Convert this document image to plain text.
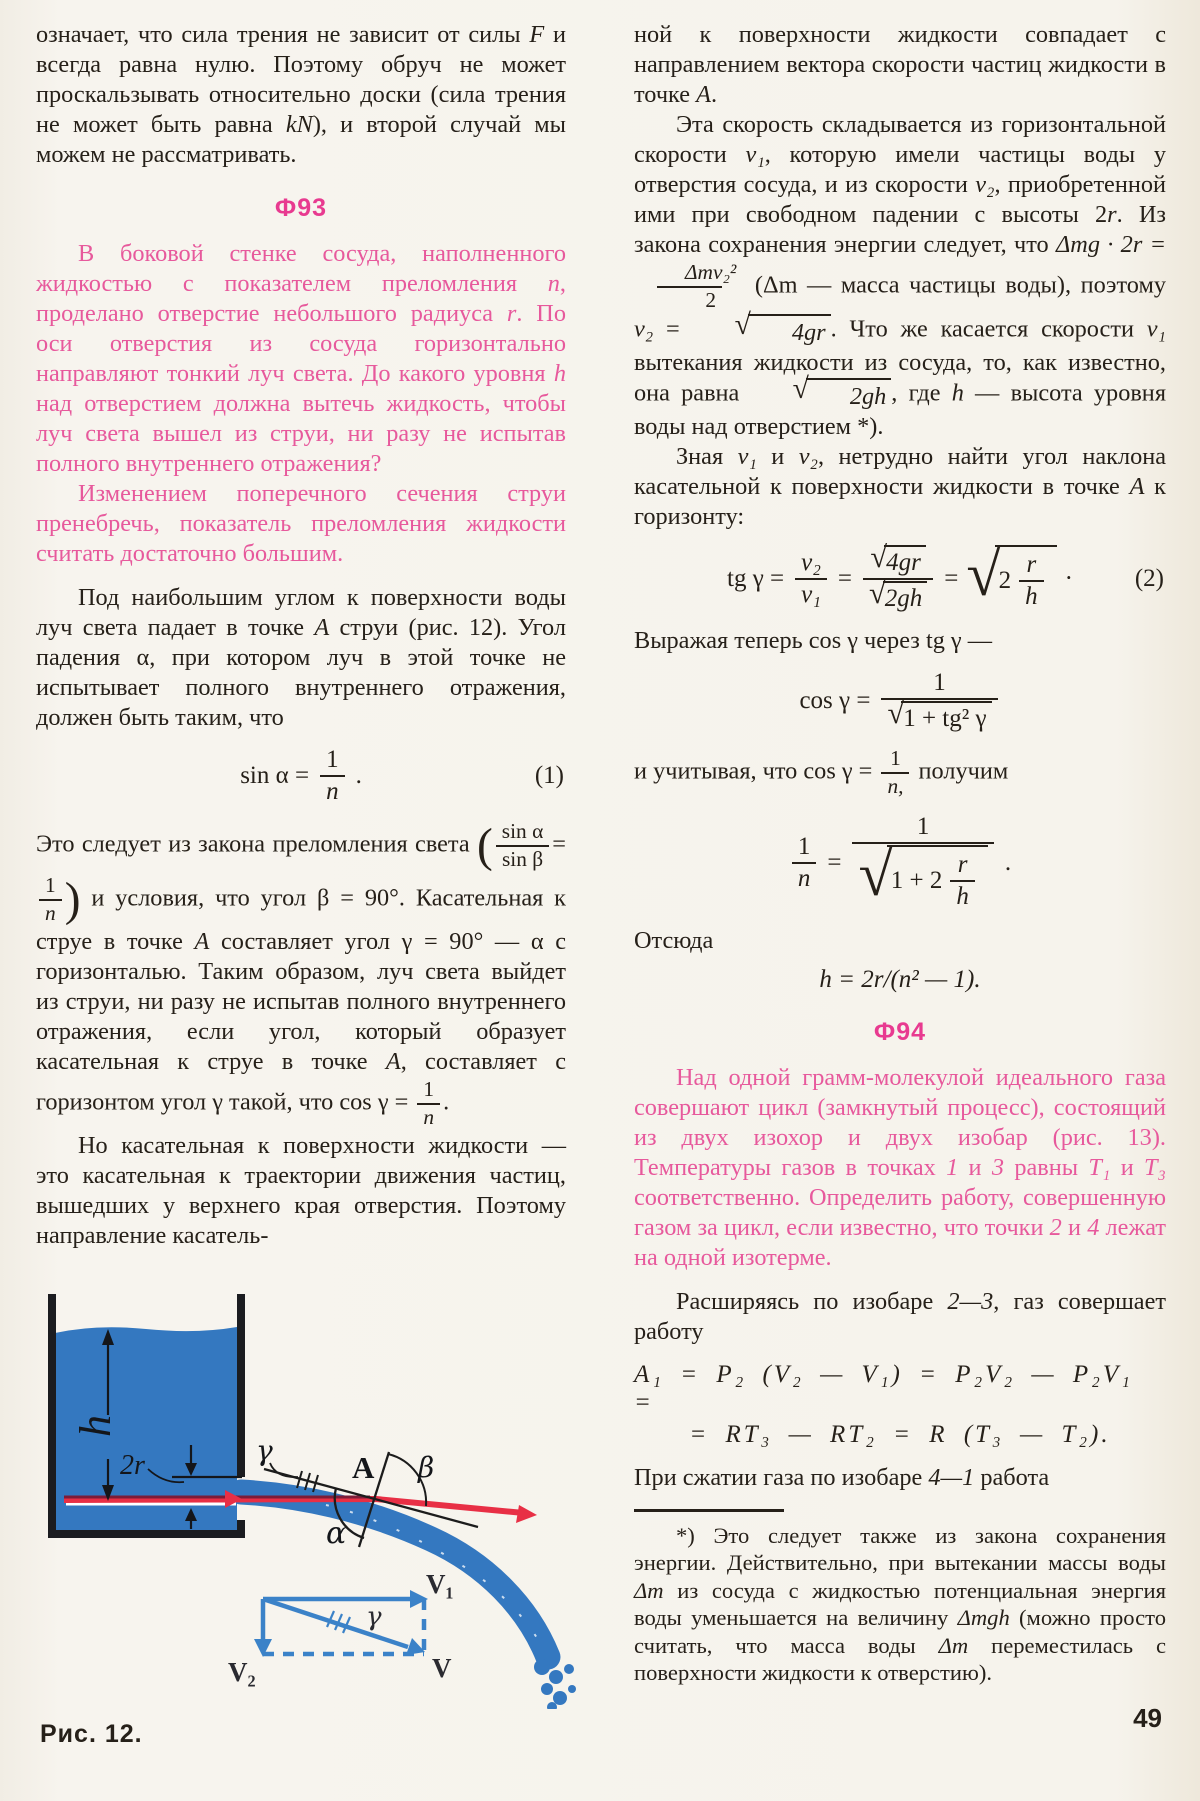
означает, что сила трения не зависит от силы F и всегда равна нулю. Поэтому обруч не может проскальзывать относительно доски (сила трения не может быть равна kN), и второй случай мы можем не рассматривать.

Ф93

В боковой стенке сосуда, наполненного жидкостью с показателем преломления n, проделано отверстие небольшого радиуса r. По оси отверстия из сосуда горизонтально направляют тонкий луч света. До какого уровня h над отверстием должна вытечь жидкость, чтобы луч света вышел из струи, ни разу не испытав полного внутреннего отражения?

Изменением поперечного сечения струи пренебречь, показатель преломления жидкости считать достаточно большим.

Под наибольшим углом к поверхности воды луч света падает в точке A струи (рис. 12). Угол падения α, при котором луч в этой точке не испытывает полного внутреннего отражения, должен быть таким, что

$\sin \alpha = \frac{1}{n}$ .	(1)

Это следует из закона преломления света ( $\frac{\text{sin α}}{\text{sin β}}$ =
$\frac{1}{n}$ ) и условия, что угол β = 90°. Касательная к струе в точке A составляет угол γ = 90° — α с горизонталью. Таким образом, луч света выйдет из струи, ни разу не испытав полного внутреннего отражения, если угол, который образует касательная к струе в точке A, составляет с горизонтом угол γ такой, что $\cos \gamma = \frac{1}{n}$ .

Но касательная к поверхности жидкости — это касательная к траектории движения частиц, вышедших у верхнего края отверстия. Поэтому направление касатель-

h
2r	γ	A β
α
V₁
V₂	V
γ
Рис. 12.

ной к поверхности жидкости совпадает с направлением вектора скорости частиц жидкости в точке A.

Эта скорость складывается из горизонтальной скорости v₁, которую имели частицы воды у отверстия сосуда, и из скорости v₂, приобретенной ими при свободном падении с высоты 2r. Из закона сохранения энергии следует, что Δmg · 2r =
$\frac{\text{Δmv₂²}}{2} (\Delta m$ — масса частицы воды), поэтому v₂ =	√	4gr . Что же касается скорости v₁ вытекания жидкости из сосуда, то, как известно, она равна	√	2gh , где h — высота уровня воды над отверстием *).

Зная v₁ и v₂, нетрудно найти угол наклона касательной к поверхности жидкости в точке A к горизонту:

tg $\gamma = \frac{\text{v₂}}{\text{v₁}} = \frac{√ 4gr}{√ 2gh}$ = √
$2 \frac{r}{h} \cdot (2)$

Выражая теперь cos γ через tg γ —

$\cos \gamma = \frac{1}{\text{√ 1 + tg² γ}}$

и учитывая, что $\cos \gamma = \frac{1}{n,}$ получим

$\frac{1}{n} = 1$
√
$1 + 2 \frac{r}{h}$ .

Отсюда

h = 2r/(n² — 1).
Ф94

Над одной грамм-молекулой идеального газа совершают цикл (замкнутый процесс), состоящий из двух изохор и двух изобар (рис. 13). Температуры газов в точках 1 и 3 равны T₁ и T₃ соответственно. Определить работу, совершенную газом за цикл, если известно, что точки 2 и 4 лежат на одной изотерме.

Расширяясь по изобаре 2—3, газ совершает работу

A₁ = P₂ (V₂ — V₁) = P₂V₂ — P₂V₁ =
= RT₃ — RT₂ = R (T₃ — T₂).

При сжатии газа по изобаре 4—1 работа

*) Это следует также из закона сохранения энергии. Действительно, при вытекании массы воды Δm из сосуда с жидкостью потенциальная энергия воды уменьшается на величину Δmgh (можно просто считать, что масса воды Δm переместилась с поверхности жидкости к отверстию).

49
